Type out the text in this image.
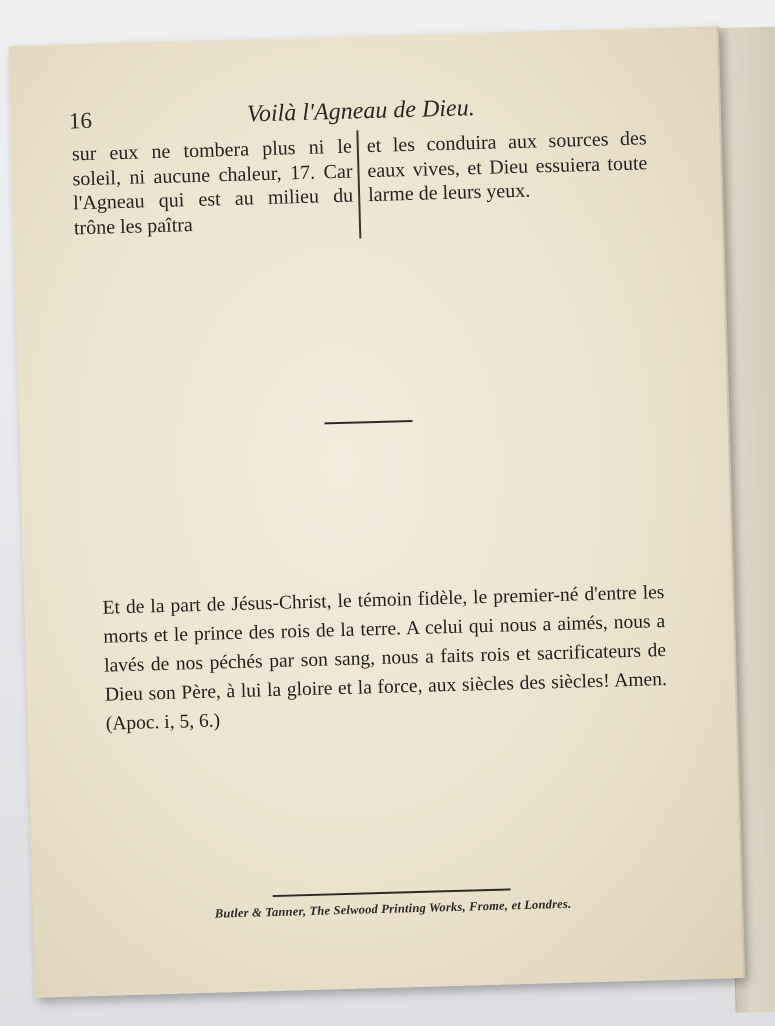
16	Voilà l'Agneau de Dieu.

sur eux ne tombera plus ni le soleil, ni aucune chaleur, 17. Car l'Agneau qui est au milieu du trône les paîtra

et les conduira aux sources des eaux vives, et Dieu essuiera toute larme de leurs yeux.

Et de la part de Jésus-Christ, le témoin fidèle, le premier-né d'entre les morts et le prince des rois de la terre. A celui qui nous a aimés, nous a lavés de nos péchés par son sang, nous a faits rois et sacrificateurs de Dieu son Père, à lui la gloire et la force, aux siècles des siècles! Amen. (Apoc. i, 5, 6.)

Butler & Tanner, The Selwood Printing Works, Frome, et Londres.
